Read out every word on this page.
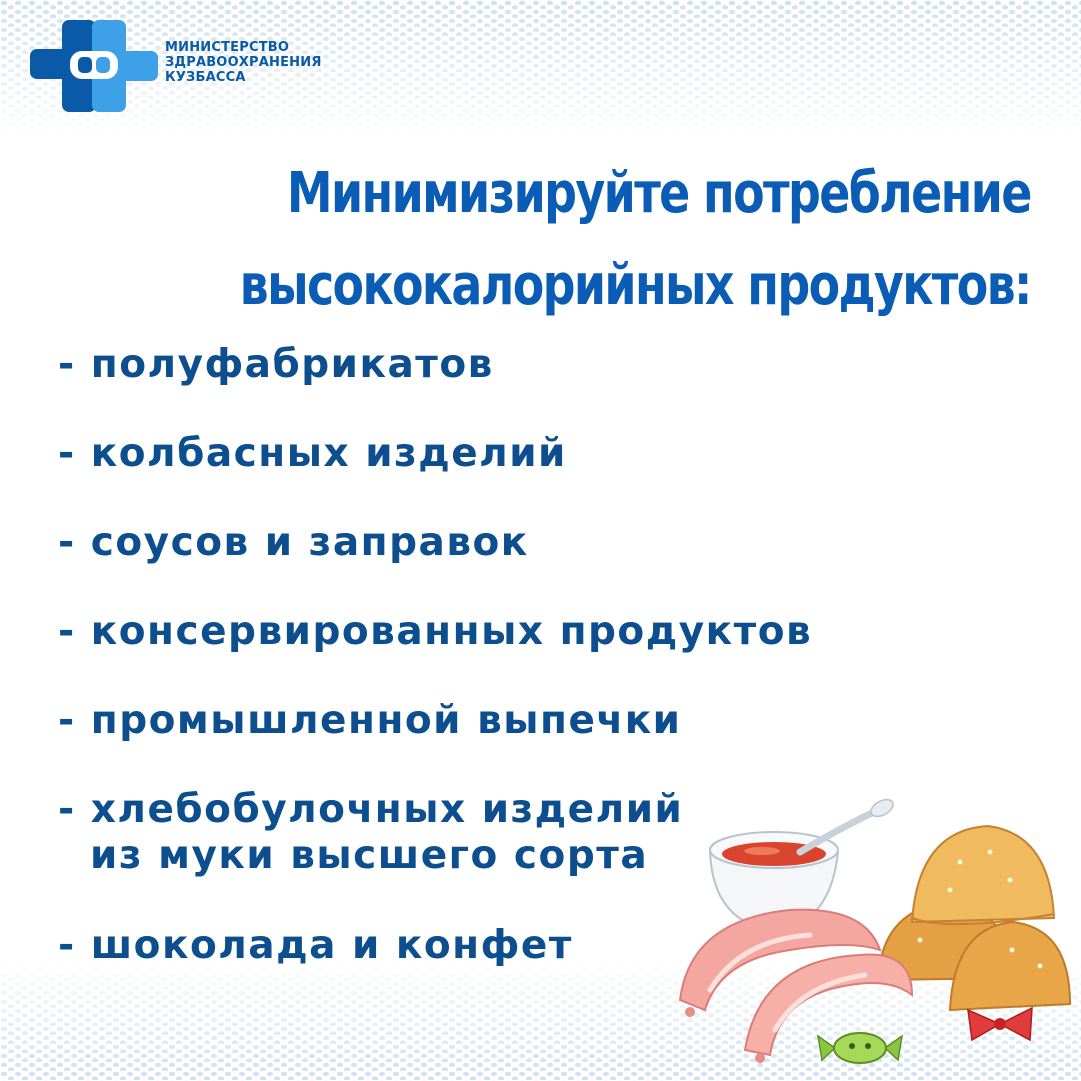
МИНИСТЕРСТВО
ЗДРАВООХРАНЕНИЯ
КУЗБАССА
Минимизируйте потребление
высококалорийных продуктов:
- полуфабрикатов
- колбасных изделий
- соусов и заправок
- консервированных продуктов
- промышленной выпечки
- хлебобулочных изделий
из муки высшего сорта
- шоколада и конфет
